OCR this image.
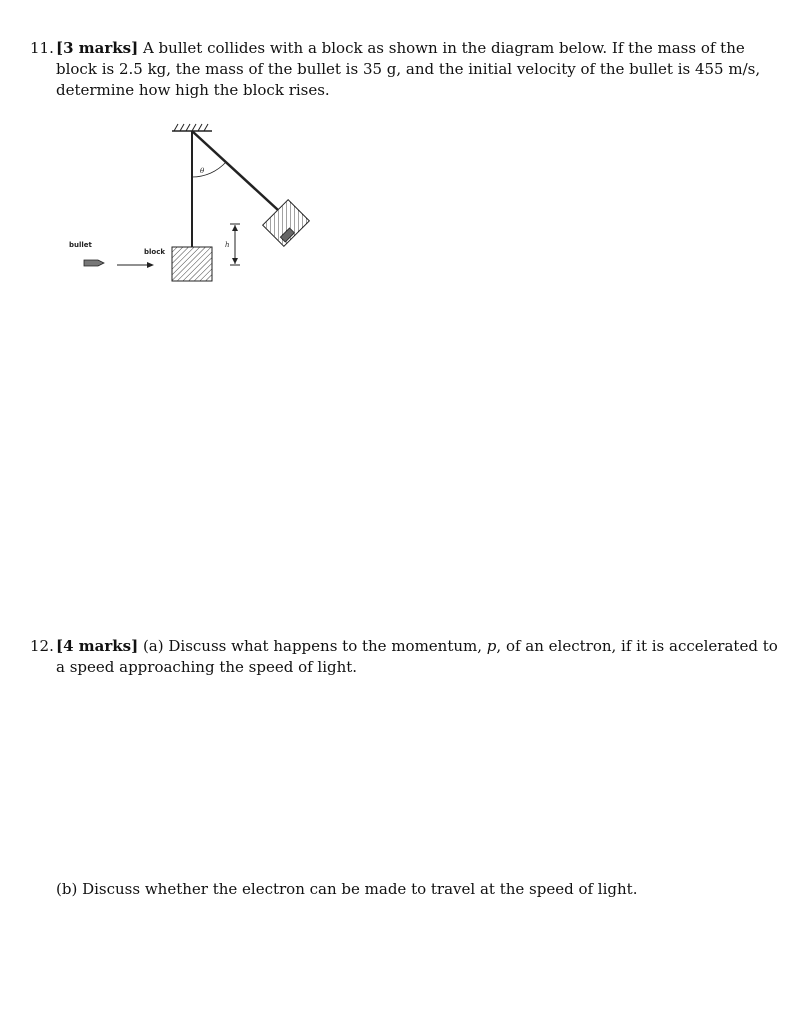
11. [3 marks] A bullet collides with a block as shown in the diagram below. If the mass of the block is 2.5 kg, the mass of the bullet is 35 g, and the initial velocity of the bullet is 455 m/s, determine how high the block rises.
θ
h
bullet
block
12. [4 marks] (a) Discuss what happens to the momentum, p, of an electron, if it is accelerated to a speed approaching the speed of light.
(b) Discuss whether the electron can be made to travel at the speed of light.
